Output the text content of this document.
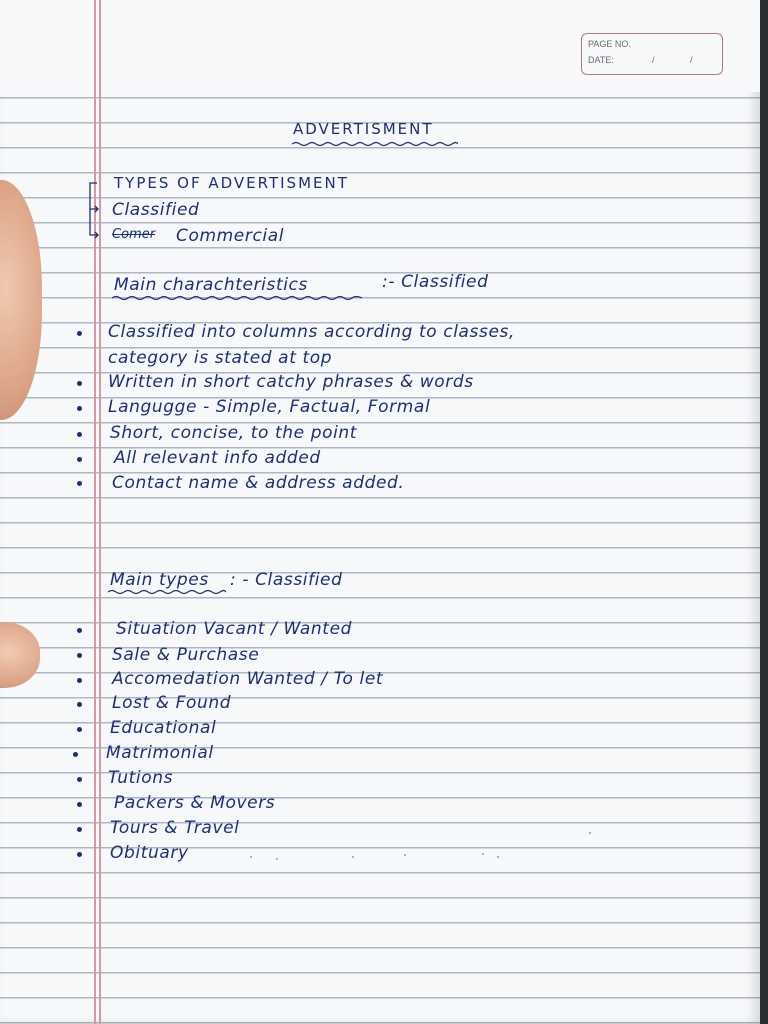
PAGE NO.
DATE:	/	/
ADVERTISMENT
TYPES OF ADVERTISMENT
Classified
Comer Commercial
Main charachteristics	:- Classified
Classified into columns according to classes,
category is stated at top
Written in short catchy phrases & words
Langugge - Simple, Factual, Formal
Short, concise, to the point
All relevant info added
Contact name & address added.
Main types : - Classified
Situation Vacant / Wanted
Sale & Purchase
Accomedation Wanted / To let
Lost & Found
Educational
Matrimonial
Tutions
Packers & Movers
Tours & Travel
Obituary
